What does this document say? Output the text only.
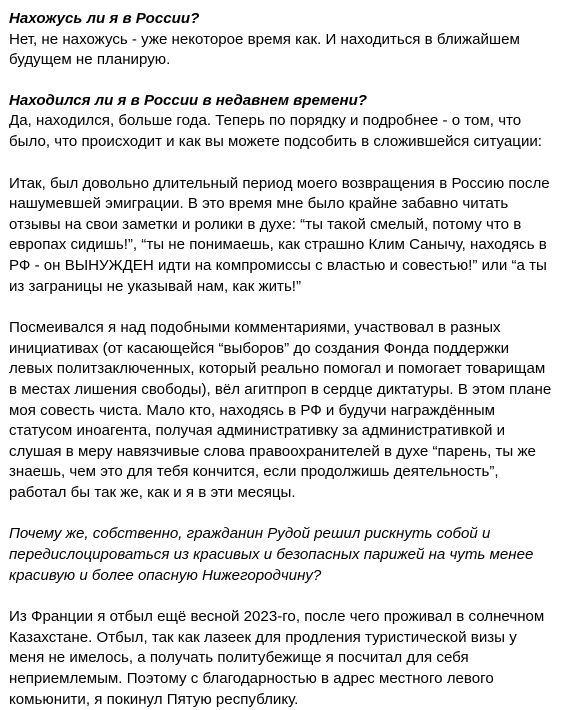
Нахожусь ли я в России?

Нет, не нахожусь - уже некоторое время как. И находиться в ближайшем будущем не планирую.

Находился ли я в России в недавнем времени?

Да, находился, больше года. Теперь по порядку и подробнее - о том, что было, что происходит и как вы можете подсобить в сложившейся ситуации:

Итак, был довольно длительный период моего возвращения в Россию после нашумевшей эмиграции. В это время мне было крайне забавно читать отзывы на свои заметки и ролики в духе: “ты такой смелый, потому что в европах сидишь!”, “ты не понимаешь, как страшно Клим Санычу, находясь в РФ - он ВЫНУЖДЕН идти на компромиссы с властью и совестью!” или “а ты из заграницы не указывай нам, как жить!”

Посмеивался я над подобными комментариями, участвовал в разных инициативах (от касающейся “выборов” до создания Фонда поддержки левых политзаключенных, который реально помогал и помогает товарищам в местах лишения свободы), вёл агитпроп в сердце диктатуры. В этом плане моя совесть чиста. Мало кто, находясь в РФ и будучи награждённым статусом иноагента, получая административку за административкой и слушая в меру навязчивые слова правоохранителей в духе “парень, ты же знаешь, чем это для тебя кончится, если продолжишь деятельность”, работал бы так же, как и я в эти месяцы.

Почему же, собственно, гражданин Рудой решил рискнуть собой и передислоцироваться из красивых и безопасных парижей на чуть менее красивую и более опасную Нижегородчину?

Из Франции я отбыл ещё весной 2023-го, после чего проживал в солнечном Казахстане. Отбыл, так как лазеек для продления туристической визы у меня не имелось, а получать политубежище я посчитал для себя неприемлемым. Поэтому с благодарностью в адрес местного левого комьюнити, я покинул Пятую республику.
